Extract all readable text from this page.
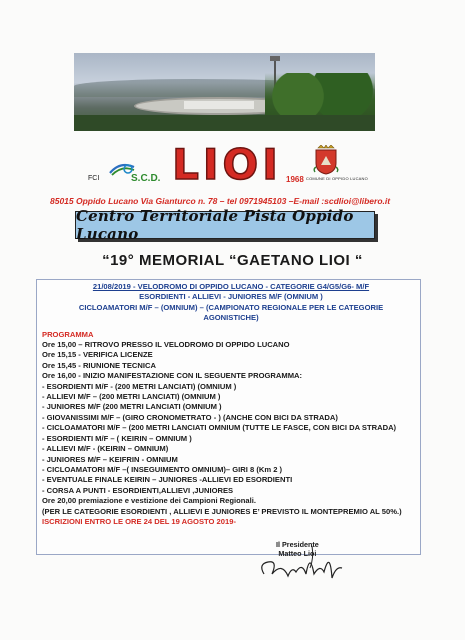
FCI	S.C.D. LIOI 1968 COMUNE DI OPPIDO LUCANO
85015 Oppido Lucano Via Gianturco n. 78 – tel 0971945103 –E-mail :scdlioi@libero.it
Centro Territoriale Pista Oppido Lucano
“19° MEMORIAL “GAETANO LIOI “
21/08/2019 - VELODROMO DI OPPIDO LUCANO - CATEGORIE G4/G5/G6- M/F
ESORDIENTI - ALLIEVI - JUNIORES M/F (OMNIUM )
CICLOAMATORI M/F – (OMNIUM) – (CAMPIONATO REGIONALE PER LE CATEGORIE
AGONISTICHE)
PROGRAMMA
Ore 15,00 – RITROVO PRESSO IL VELODROMO DI OPPIDO LUCANO
Ore 15,15 - VERIFICA LICENZE
Ore 15,45 - RIUNIONE TECNICA
Ore 16,00 - INIZIO MANIFESTAZIONE CON IL SEGUENTE PROGRAMMA:
- ESORDIENTI M/F - (200 METRI LANCIATI) (OMNIUM )
- ALLIEVI M/F – (200 METRI LANCIATI) (OMNIUM )
- JUNIORES M/F (200 METRI LANCIATI (OMNIUM )
- GIOVANISSIMI M/F – (GIRO CRONOMETRATO - ) (ANCHE CON BICI DA STRADA)
- CICLOAMATORI M/F – (200 METRI LANCIATI OMNIUM (TUTTE LE FASCE, CON BICI DA STRADA)
- ESORDIENTI M/F – ( KEIRIN – OMNIUM )
- ALLIEVI M/F - (KEIRIN – OMNIUM)
- JUNIORES M/F – KEIFRIN - OMNIUM
- CICLOAMATORI M/F –( INSEGUIMENTO OMNIUM)– GIRI 8 (Km 2 )
- EVENTUALE FINALE KEIRIN – JUNIORES -ALLIEVI ED ESORDIENTI
- CORSA A PUNTI - ESORDIENTI,ALLIEVI ,JUNIORES
Ore 20,00 premiazione e vestizione dei Campioni Regionali.
(PER LE CATEGORIE ESORDIENTI , ALLIEVI E JUNIORES E’ PREVISTO IL MONTEPREMIO AL 50%.)
ISCRIZIONI ENTRO LE ORE 24 DEL 19 AGOSTO 2019-
Il Presidente
Matteo Lioi
